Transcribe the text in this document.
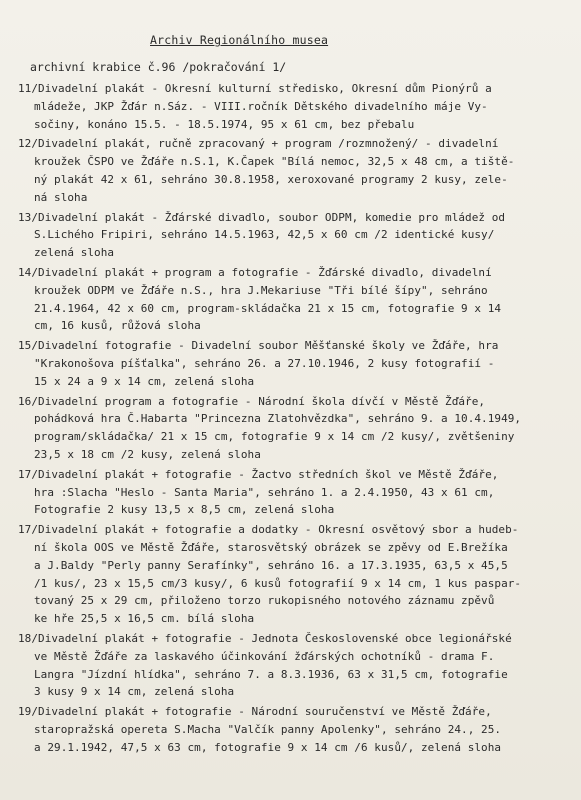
Archiv Regionálního musea
archivní krabice č.96 /pokračování 1/
11/Divadelní plakát - Okresní kulturní středisko, Okresní dům Pionýrů a
mládeže, JKP Žďár n.Sáz. - VIII.ročník Dětského divadelního máje Vy-
sočiny, konáno 15.5. - 18.5.1974, 95 x 61 cm, bez přebalu
12/Divadelní plakát, ručně zpracovaný + program /rozmnožený/ - divadelní
kroužek ČSPO ve Žďáře n.S.1, K.Čapek "Bílá nemoc, 32,5 x 48 cm, a tiště-
ný plakát 42 x 61, sehráno 30.8.1958, xeroxované programy 2 kusy, zele-
ná sloha
13/Divadelní plakát - Žďárské divadlo, soubor ODPM, komedie pro mládež od
S.Lichého Fripiri, sehráno 14.5.1963, 42,5 x 60 cm /2 identické kusy/
zelená sloha
14/Divadelní plakát + program a fotografie - Žďárské divadlo, divadelní
kroužek ODPM ve Žďáře n.S., hra J.Mekariuse "Tři bílé šípy", sehráno
21.4.1964, 42 x 60 cm, program-skládačka 21 x 15 cm, fotografie 9 x 14
cm, 16 kusů, růžová sloha
15/Divadelní fotografie - Divadelní soubor Měšťanské školy ve Žďáře, hra
"Krakonošova píšťalka", sehráno 26. a 27.10.1946, 2 kusy fotografií -
15 x 24 a 9 x 14 cm, zelená sloha
16/Divadelní program a fotografie - Národní škola dívčí v Městě Žďáře,
pohádková hra Č.Habarta "Princezna Zlatohvězdka", sehráno 9. a 10.4.1949,
program/skládačka/ 21 x 15 cm, fotografie 9 x 14 cm /2 kusy/, zvětšeniny
23,5 x 18 cm /2 kusy, zelená sloha
17/Divadelní plakát + fotografie - Žactvo středních škol ve Městě Žďáře,
hra :Slacha "Heslo - Santa Maria", sehráno 1. a 2.4.1950, 43 x 61 cm,
Fotografie 2 kusy 13,5 x 8,5 cm, zelená sloha
17/Divadelní plakát + fotografie a dodatky - Okresní osvětový sbor a hudeb-
ní škola OOS ve Městě Žďáře, starosvětský obrázek se zpěvy od E.Brežíka
a J.Baldy "Perly panny Serafínky", sehráno 16. a 17.3.1935, 63,5 x 45,5
/1 kus/, 23 x 15,5 cm/3 kusy/, 6 kusů fotografií 9 x 14 cm, 1 kus paspar-
tovaný 25 x 29 cm, přiloženo torzo rukopisného notového záznamu zpěvů
ke hře 25,5 x 16,5 cm. bílá sloha
18/Divadelní plakát + fotografie - Jednota Československé obce legionářské
ve Městě Žďáře za laskavého účinkování žďárských ochotníků - drama F.
Langra "Jízdní hlídka", sehráno 7. a 8.3.1936, 63 x 31,5 cm, fotografie
3 kusy 9 x 14 cm, zelená sloha
19/Divadelní plakát + fotografie - Národní souručenství ve Městě Žďáře,
staropražská opereta S.Macha "Valčík panny Apolenky", sehráno 24., 25.
a 29.1.1942, 47,5 x 63 cm, fotografie 9 x 14 cm /6 kusů/, zelená sloha
